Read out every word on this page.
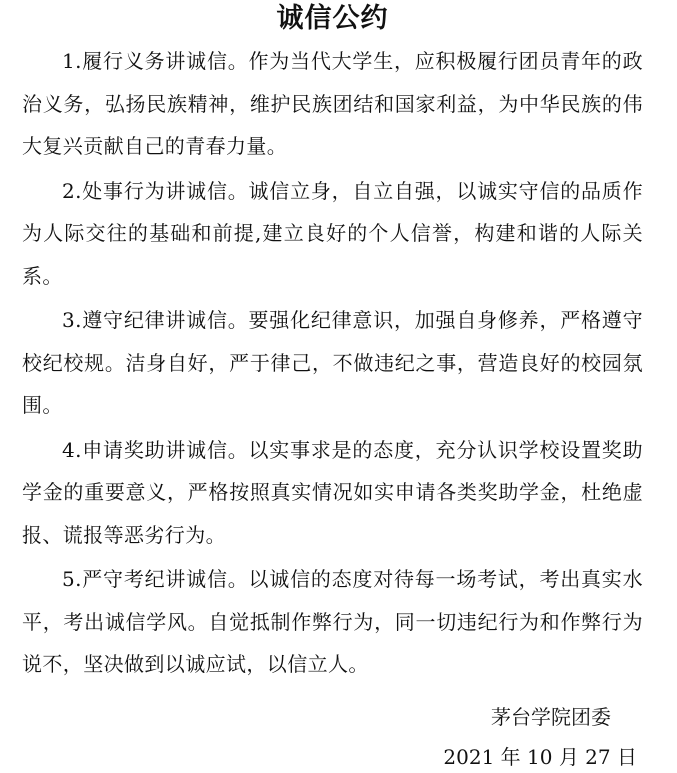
诚信公约

1.履行义务讲诚信。作为当代大学生，应积极履行团员青年的政治义务，弘扬民族精神，维护民族团结和国家利益，为中华民族的伟大复兴贡献自己的青春力量。

2.处事行为讲诚信。诚信立身，自立自强，以诚实守信的品质作为人际交往的基础和前提,建立良好的个人信誉，构建和谐的人际关系。

3.遵守纪律讲诚信。要强化纪律意识，加强自身修养，严格遵守校纪校规。洁身自好，严于律己，不做违纪之事，营造良好的校园氛围。

4.申请奖助讲诚信。以实事求是的态度，充分认识学校设置奖助学金的重要意义，严格按照真实情况如实申请各类奖助学金，杜绝虚报、谎报等恶劣行为。

5.严守考纪讲诚信。以诚信的态度对待每一场考试，考出真实水平，考出诚信学风。自觉抵制作弊行为，同一切违纪行为和作弊行为说不，坚决做到以诚应试，以信立人。

茅台学院团委
2021 年 10 月 27 日
